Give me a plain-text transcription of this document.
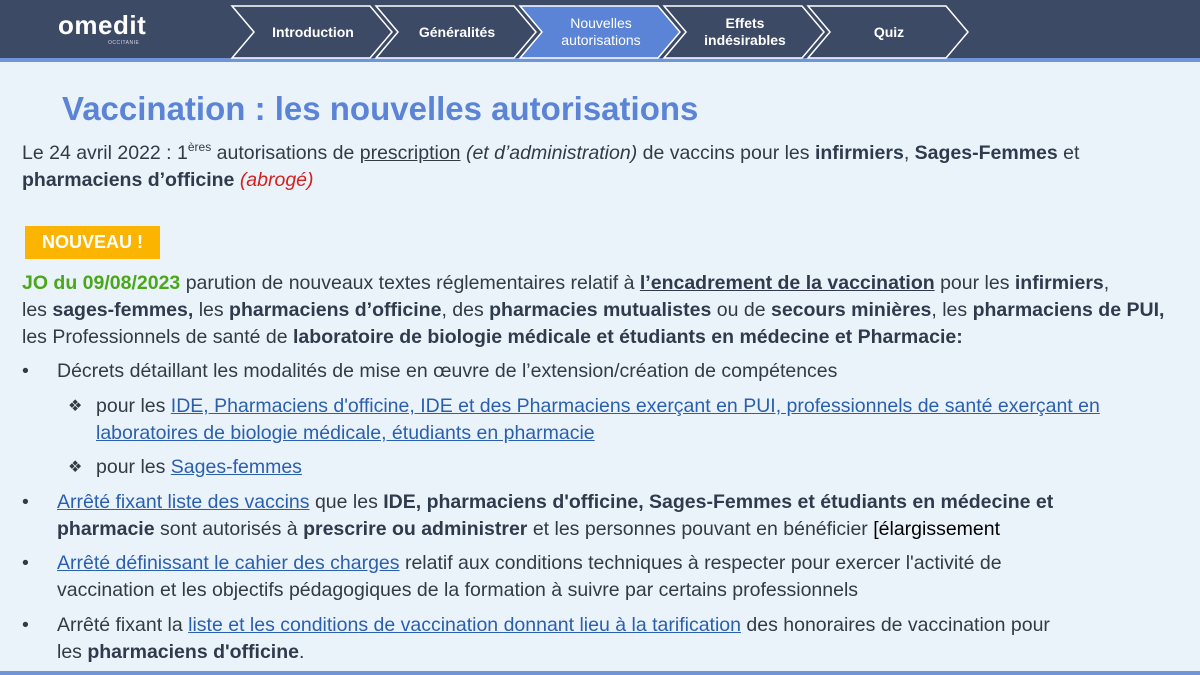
omedit
OCCITANIE
Introduction	Généralités
Nouvelles
autorisations
Effets
indésirables
Quiz
Vaccination : les nouvelles autorisations
Le 24 avril 2022 : 1ères autorisations de prescription (et d’administration) de vaccins pour les infirmiers, Sages-Femmes et
pharmaciens d’officine (abrogé)
NOUVEAU !
JO du 09/08/2023 parution de nouveaux textes réglementaires relatif à l’encadrement de la vaccination pour les infirmiers,
les sages-femmes, les pharmaciens d’officine, des pharmacies mutualistes ou de secours minières, les pharmaciens de PUI,
les Professionnels de santé de laboratoire de biologie médicale et étudiants en médecine et Pharmacie:
• Décrets détaillant les modalités de mise en œuvre de l’extension/création de compétences
❖ pour les IDE, Pharmaciens d'officine, IDE et des Pharmaciens exerçant en PUI, professionnels de santé exerçant en
laboratoires de biologie médicale, étudiants en pharmacie
❖ pour les Sages-femmes
• Arrêté fixant liste des vaccins que les IDE, pharmaciens d'officine, Sages-Femmes et étudiants en médecine et
pharmacie sont autorisés à prescrire ou administrer et les personnes pouvant en bénéficier [élargissement
• Arrêté définissant le cahier des charges relatif aux conditions techniques à respecter pour exercer l'activité de
vaccination et les objectifs pédagogiques de la formation à suivre par certains professionnels
• Arrêté fixant la liste et les conditions de vaccination donnant lieu à la tarification des honoraires de vaccination pour
les pharmaciens d'officine.
